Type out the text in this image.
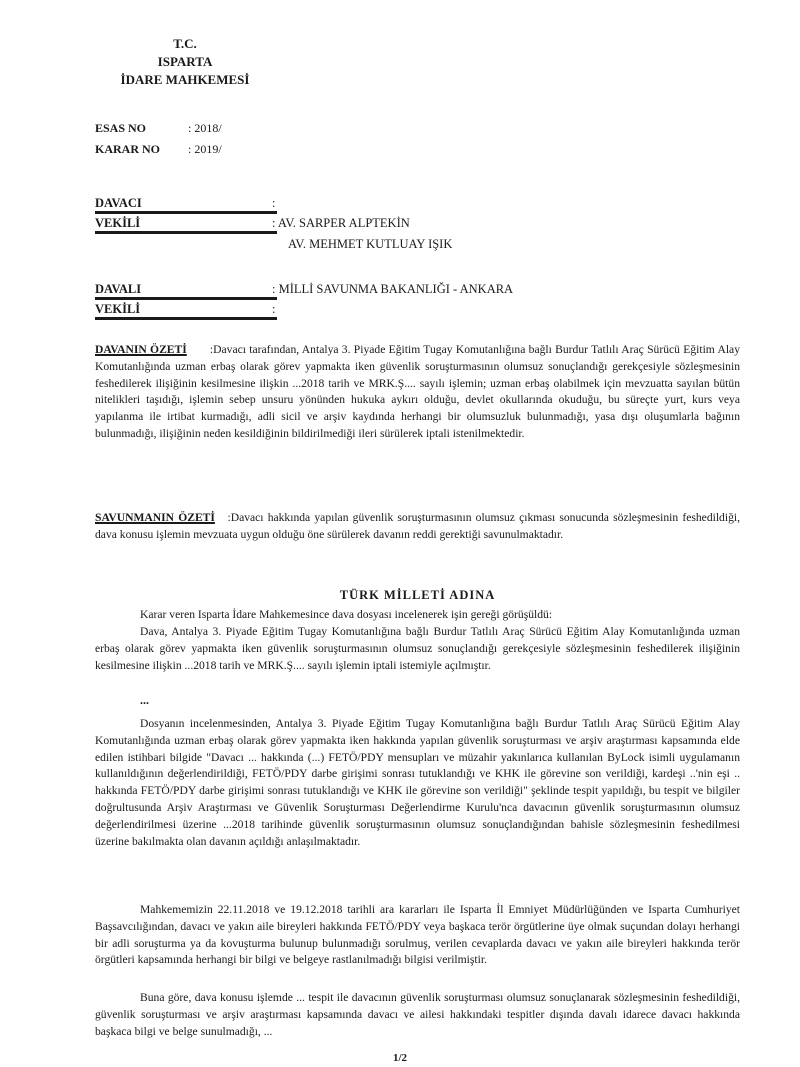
T.C.
ISPARTA
İDARE MAHKEMESİ
ESAS NO	: 2018/
KARAR NO : 2019/
DAVACI	:
VEKİLİ	: AV. SARPER ALPTEKİN
AV. MEHMET KUTLUAY IŞIK
DAVALI	: MİLLİ SAVUNMA BAKANLIĞI - ANKARA
VEKİLİ	:
DAVANIN ÖZETİ :Davacı tarafından, Antalya 3. Piyade Eğitim Tugay Komutanlığına bağlı Burdur Tatlılı Araç Sürücü Eğitim Alay Komutanlığında uzman erbaş olarak görev yapmakta iken güvenlik soruşturmasının olumsuz sonuçlandığı gerekçesiyle sözleşmesinin feshedilerek ilişiğinin kesilmesine ilişkin ...2018 tarih ve MRK.Ş.... sayılı işlemin; uzman erbaş olabilmek için mevzuatta sayılan bütün nitelikleri taşıdığı, işlemin sebep unsuru yönünden hukuka aykırı olduğu, devlet okullarında okuduğu, bu süreçte yurt, kurs veya yapılanma ile irtibat kurmadığı, adli sicil ve arşiv kaydında herhangi bir olumsuzluk bulunmadığı, yasa dışı oluşumlarla bağının bulunmadığı, ilişiğinin neden kesildiğinin bildirilmediği ileri sürülerek iptali istenilmektedir.
SAVUNMANIN ÖZETİ :Davacı hakkında yapılan güvenlik soruşturmasının olumsuz çıkması sonucunda sözleşmesinin feshedildiği, dava konusu işlemin mevzuata uygun olduğu öne sürülerek davanın reddi gerektiği savunulmaktadır.
TÜRK MİLLETİ ADINA
Karar veren Isparta İdare Mahkemesince dava dosyası incelenerek işin gereği görüşüldü:
Dava, Antalya 3. Piyade Eğitim Tugay Komutanlığına bağlı Burdur Tatlılı Araç Sürücü Eğitim Alay Komutanlığında uzman erbaş olarak görev yapmakta iken güvenlik soruşturmasının olumsuz sonuçlandığı gerekçesiyle sözleşmesinin feshedilerek ilişiğinin kesilmesine ilişkin ...2018 tarih ve MRK.Ş.... sayılı işlemin iptali istemiyle açılmıştır.
...
Dosyanın incelenmesinden, Antalya 3. Piyade Eğitim Tugay Komutanlığına bağlı Burdur Tatlılı Araç Sürücü Eğitim Alay Komutanlığında uzman erbaş olarak görev yapmakta iken hakkında yapılan güvenlik soruşturması ve arşiv araştırması kapsamında elde edilen istihbari bilgide "Davacı ... hakkında (...) FETÖ/PDY mensupları ve müzahir yakınlarıca kullanılan ByLock isimli uygulamanın kullanıldığının değerlendirildiği, FETÖ/PDY darbe girişimi sonrası tutuklandığı ve KHK ile görevine son verildiği, kardeşi ..'nin eşi .. hakkında FETÖ/PDY darbe girişimi sonrası tutuklandığı ve KHK ile görevine son verildiği" şeklinde tespit yapıldığı, bu tespit ve bilgiler doğrultusunda Arşiv Araştırması ve Güvenlik Soruşturması Değerlendirme Kurulu'nca davacının güvenlik soruşturmasının olumsuz değerlendirilmesi üzerine ...2018 tarihinde güvenlik soruşturmasının olumsuz sonuçlandığından bahisle sözleşmesinin feshedilmesi üzerine bakılmakta olan davanın açıldığı anlaşılmaktadır.
Mahkememizin 22.11.2018 ve 19.12.2018 tarihli ara kararları ile Isparta İl Emniyet Müdürlüğünden ve Isparta Cumhuriyet Başsavcılığından, davacı ve yakın aile bireyleri hakkında FETÖ/PDY veya başkaca terör örgütlerine üye olmak suçundan dolayı herhangi bir adli soruşturma ya da kovuşturma bulunup bulunmadığı sorulmuş, verilen cevaplarda davacı ve yakın aile bireyleri hakkında terör örgütleri kapsamında herhangi bir bilgi ve belgeye rastlanılmadığı bilgisi verilmiştir.
Buna göre, dava konusu işlemde ... tespit ile davacının güvenlik soruşturması olumsuz sonuçlanarak sözleşmesinin feshedildiği, güvenlik soruşturması ve arşiv araştırması kapsamında davacı ve ailesi hakkındaki tespitler dışında davalı idarece davacı hakkında başkaca bilgi ve belge sunulmadığı, ...
1/2
